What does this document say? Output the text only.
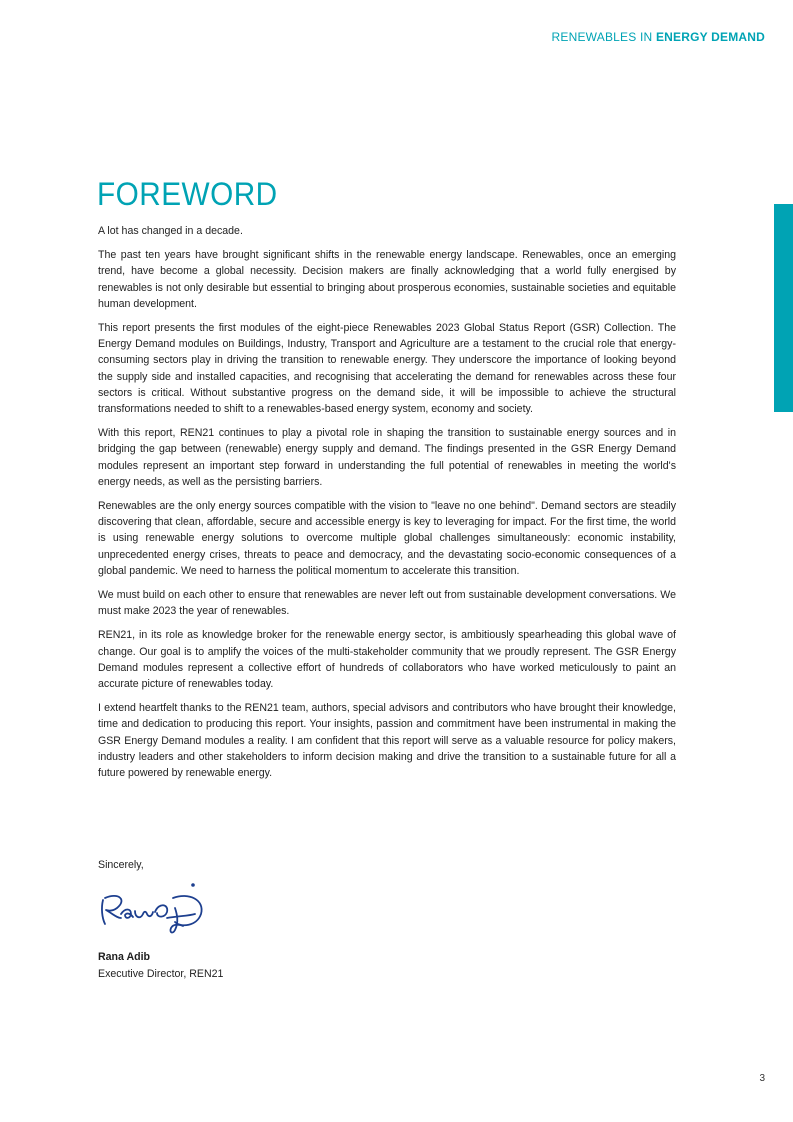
RENEWABLES IN ENERGY DEMAND
FOREWORD

A lot has changed in a decade.

The past ten years have brought significant shifts in the renewable energy landscape. Renewables, once an emerging trend, have become a global necessity. Decision makers are finally acknowledging that a world fully energised by renewables is not only desirable but essential to bringing about prosperous economies, sustainable societies and equitable human development.

This report presents the first modules of the eight-piece Renewables 2023 Global Status Report (GSR) Collection. The Energy Demand modules on Buildings, Industry, Transport and Agriculture are a testament to the crucial role that energy-consuming sectors play in driving the transition to renewable energy. They underscore the importance of looking beyond the supply side and installed capacities, and recognising that accelerating the demand for renewables across these four sectors is critical. Without substantive progress on the demand side, it will be impossible to achieve the structural transformations needed to shift to a renewables-based energy system, economy and society.

With this report, REN21 continues to play a pivotal role in shaping the transition to sustainable energy sources and in bridging the gap between (renewable) energy supply and demand. The findings presented in the GSR Energy Demand modules represent an important step forward in understanding the full potential of renewables in meeting the world's energy needs, as well as the persisting barriers.

Renewables are the only energy sources compatible with the vision to "leave no one behind". Demand sectors are steadily discovering that clean, affordable, secure and accessible energy is key to leveraging for impact. For the first time, the world is using renewable energy solutions to overcome multiple global challenges simultaneously: economic instability, unprecedented energy crises, threats to peace and democracy, and the devastating socio-economic consequences of a global pandemic. We need to harness the political momentum to accelerate this transition.

We must build on each other to ensure that renewables are never left out from sustainable development conversations. We must make 2023 the year of renewables.

REN21, in its role as knowledge broker for the renewable energy sector, is ambitiously spearheading this global wave of change. Our goal is to amplify the voices of the multi-stakeholder community that we proudly represent. The GSR Energy Demand modules represent a collective effort of hundreds of collaborators who have worked meticulously to paint an accurate picture of renewables today.

I extend heartfelt thanks to the REN21 team, authors, special advisors and contributors who have brought their knowledge, time and dedication to producing this report. Your insights, passion and commitment have been instrumental in making the GSR Energy Demand modules a reality. I am confident that this report will serve as a valuable resource for policy makers, industry leaders and other stakeholders to inform decision making and drive the transition to a sustainable future for all a future powered by renewable energy.

Sincerely,

Rana Adib

Executive Director, REN21

3
